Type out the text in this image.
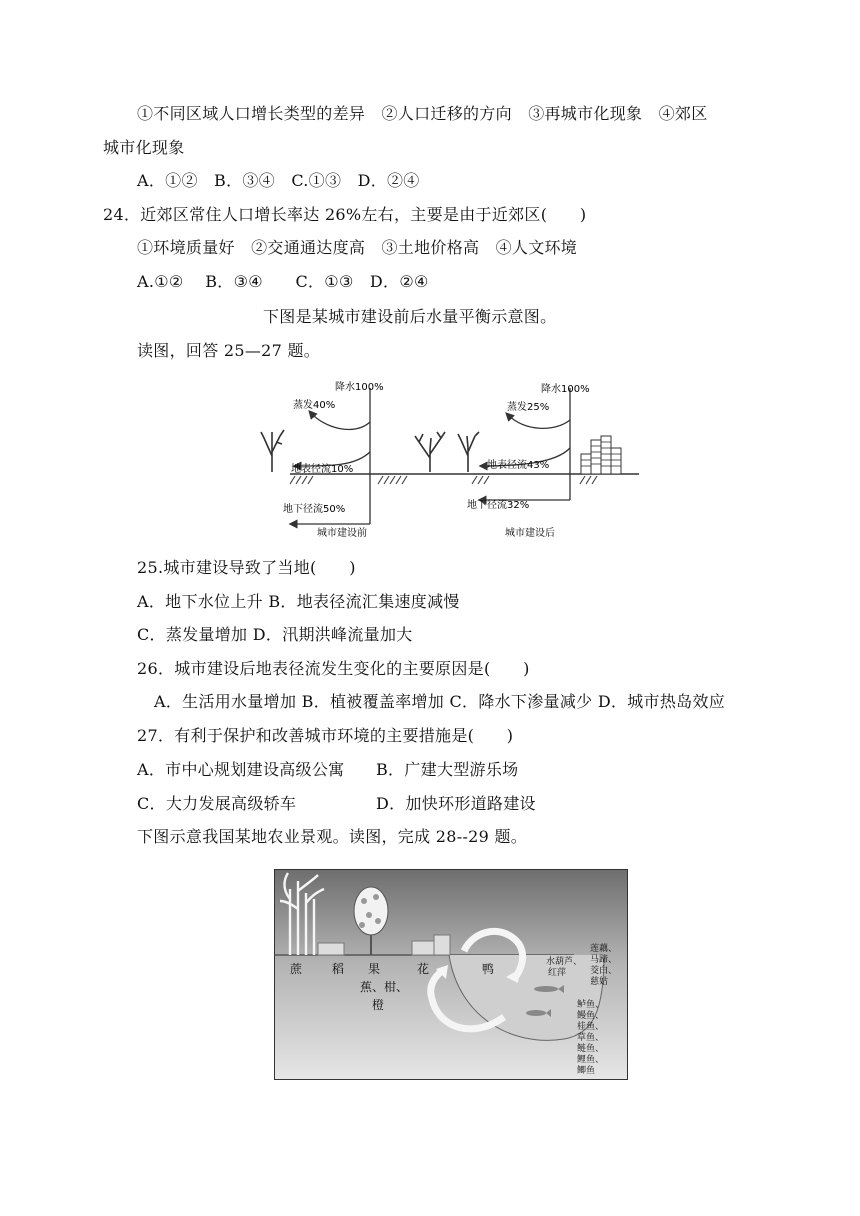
①不同区域人口增长类型的差异　②人口迁移的方向　③再城市化现象　④郊区
城市化现象
A．①②　B．③④　C.①③　D．②④
24．近郊区常住人口增长率达 26%左右，主要是由于近郊区(　　)
①环境质量好　②交通通达度高　③土地价格高　④人文环境
A.①②　 B．③④　　C．①③　D．②④
下图是某城市建设前后水量平衡示意图。
读图，回答 25—27 题。
降水100%
蒸发40%
地表径流10%
地下径流50%
城市建设前
降水100%
蒸发25%
地表径流43%
地下径流32%
城市建设后
25.城市建设导致了当地(　　)
A．地下水位上升 B．地表径流汇集速度减慢
C．蒸发量增加 D．汛期洪峰流量加大
26．城市建设后地表径流发生变化的主要原因是(　　)
A．生活用水量增加 B．植被覆盖率增加 C．降水下渗量减少 D．城市热岛效应
27．有利于保护和改善城市环境的主要措施是(　　)
A．市中心规划建设高级公寓 B．广建大型游乐场
C．大力发展高级轿车	D．加快环形道路建设
下图示意我国某地农业景观。读图，完成 28--29 题。
蔗 稻 果	花	鸭
蕉、柑、
橙
水葫芦、
红萍
莲藕、
马蹄、
茭白、
慈姑
鲈鱼、
鳗鱼、
桂鱼、
草鱼、
鲢鱼、
鲤鱼、
鲫鱼
